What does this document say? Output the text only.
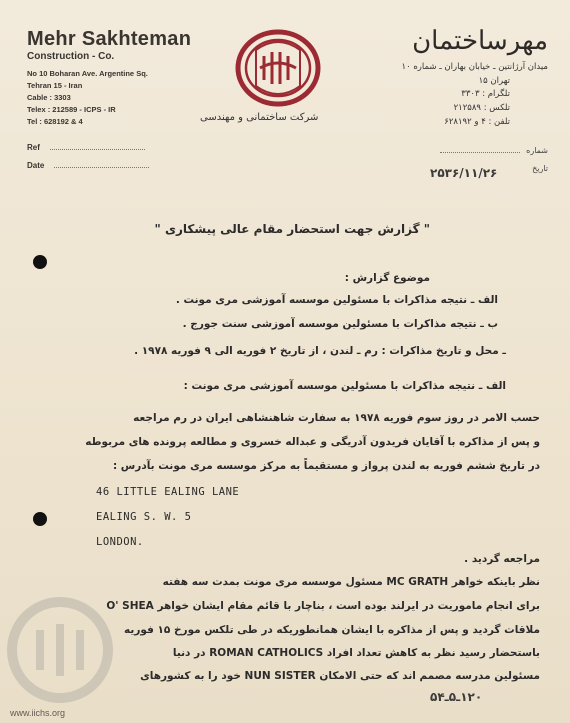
Mehr Sakhteman
Construction - Co.
No 10 Boharan Ave. Argentine Sq.
Tehran 15 - Iran
Cable : 3303
Telex : 212589 - ICPS - IR
Tel : 628192 & 4
Ref
Date
شرکت ساختمانی و مهندسی
مهرساختمان
میدان آرژانتین ـ خیابان بهاران ـ شماره ۱۰
تهران ۱۵
تلگرام : ۳۳۰۳
تلکس : ۲۱۲۵۸۹
تلفن : ۴ و ۶۲۸۱۹۲
شماره
تاریخ
۲۵۳۶/۱۱/۲۶
" گزارش جهت استحضار مقام عالی پیشکاری "
موضوع گزارش :
الف ـ نتیجه مذاکرات با مسئولین موسسه آموزشی مری مونت .
ب ـ نتیجه مذاکرات با مسئولین موسسه آموزشی سنت جورج .
ـ محل و تاریخ مذاکرات : رم ـ لندن ، از تاریخ ۲ فوریه الی ۹ فوریه ۱۹۷۸ .
الف ـ نتیجه مذاکرات با مسئولین موسسه آموزشی مری مونت :
حسب الامر در روز سوم فوریه ۱۹۷۸ به سفارت شاهنشاهی ایران در رم مراجعه
و پس از مذاکره با آقایان فریدون آدریگی و عبداله خسروی و مطالعه پرونده های مربوطه
در تاریخ ششم فوریه به لندن پرواز و مستقیماً به مرکز موسسه مری مونت بآدرس :
46 LITTLE EALING LANE
EALING S. W. 5
LONDON.
مراجعه گردید .
نظر باینکه خواهر MC GRATH مسئول موسسه مری مونت بمدت سه هفته
برای انجام ماموریت در ایرلند بوده است ، بناچار با قائم مقام ایشان خواهر O' SHEA
ملاقات گردید و پس از مذاکره با ایشان همانطوریکه در طی تلکس مورخ ۱۵ فوریه
باستحضار رسید نظر به کاهش تعداد افراد ROMAN CATHOLICS در دنیا
مسئولین مدرسه مصمم اند که حتی الامکان NUN SISTER خود را به کشورهای
www.iichs.org
۱۲۰ـ۵ـ۵۴
